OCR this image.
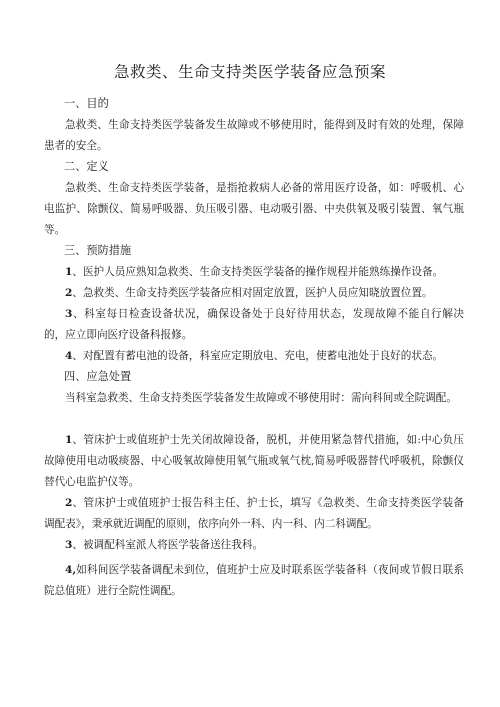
急救类、生命支持类医学装备应急预案
一、目的
急救类、生命支持类医学装备发生故障或不够使用时，能得到及时有效的处理，保障患者的安全。
二、定义
急救类、生命支持类医学装备，是指抢救病人必备的常用医疗设备，如：呼吸机、心电监护、除颤仪、简易呼吸器、负压吸引器、电动吸引器、中央供氧及吸引装置、氧气瓶等。
三、预防措施
1、医护人员应熟知急救类、生命支持类医学装备的操作规程并能熟练操作设备。
2、急救类、生命支持类医学装备应相对固定放置，医护人员应知晓放置位置。
3、科室每日检查设备状况，确保设备处于良好待用状态，发现故障不能自行解决的，应立即向医疗设备科报修。
4、对配置有蓄电池的设备，科室应定期放电、充电，使蓄电池处于良好的状态。
四、应急处置
当科室急救类、生命支持类医学装备发生故障或不够使用时：需向科间或全院调配。
1、管床护士或值班护士先关闭故障设备，脱机，并使用紧急替代措施，如:中心负压故障使用电动吸痰器、中心吸氧故障使用氧气瓶或氧气枕,简易呼吸器替代呼吸机，除颤仪替代心电监护仪等。
2、管床护士或值班护士报告科主任、护士长，填写《急救类、生命支持类医学装备调配表》，秉承就近调配的原则，依序向外一科、内一科、内二科调配。
3、被调配科室派人将医学装备送往我科。
4,如科间医学装备调配未到位，值班护士应及时联系医学装备科（夜间或节假日联系院总值班）进行全院性调配。
